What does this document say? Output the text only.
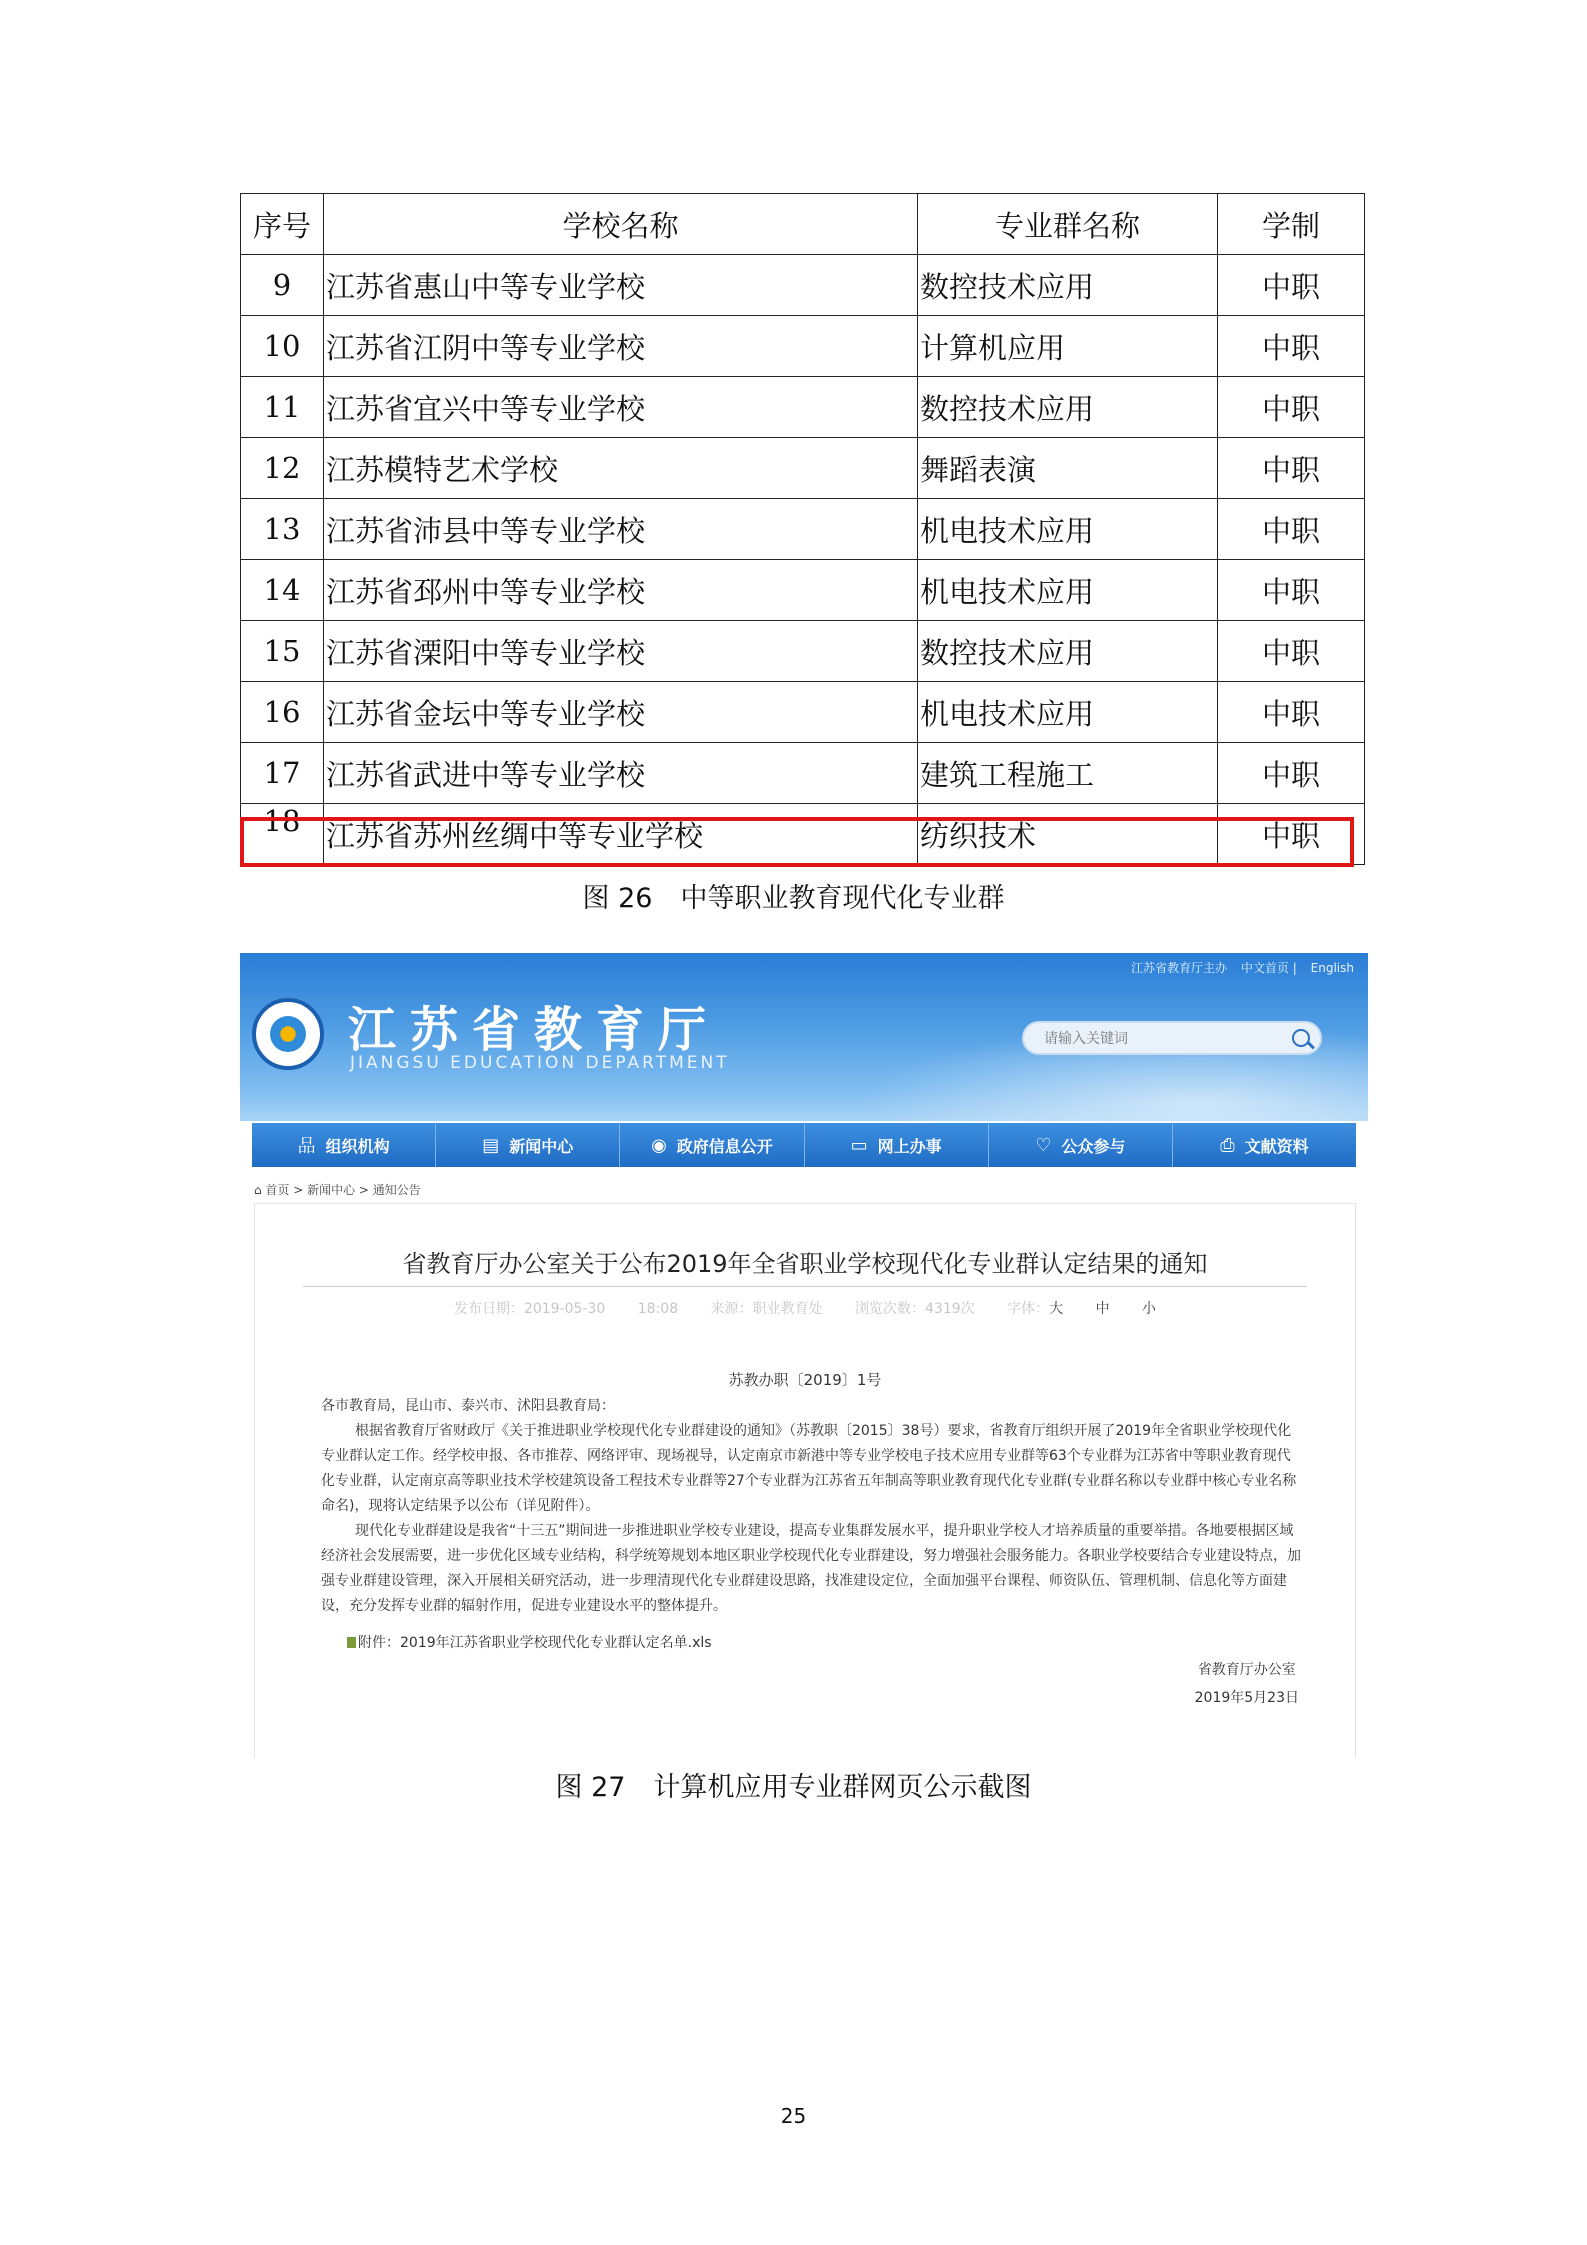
序号	学校名称	专业群名称	学制
9	江苏省惠山中等专业学校	数控技术应用	中职
10	江苏省江阴中等专业学校	计算机应用	中职
11	江苏省宜兴中等专业学校	数控技术应用	中职
12	江苏模特艺术学校	舞蹈表演	中职
13	江苏省沛县中等专业学校	机电技术应用	中职
14	江苏省邳州中等专业学校	机电技术应用	中职
15	江苏省溧阳中等专业学校	数控技术应用	中职
16	江苏省金坛中等专业学校	机电技术应用	中职
17	江苏省武进中等专业学校	建筑工程施工	中职
18	江苏省苏州丝绸中等专业学校	纺织技术	中职
图 26 中等职业教育现代化专业群
江苏省教育厅主办 中文首页 | English
江苏省教育厅
JIANGSU EDUCATION DEPARTMENT
请输入关键词
品 组织机构	▤ 新闻中心	◉ 政府信息公开	▭ 网上办事	♡ 公众参与	⎙ 文献资料
⌂ 首页 > 新闻中心 > 通知公告
省教育厅办公室关于公布2019年全省职业学校现代化专业群认定结果的通知
发布日期：2019-05-30 18:08 来源：职业教育处 浏览次数：4319次 字体：大 中 小
苏教办职〔2019〕1号

各市教育局，昆山市、泰兴市、沭阳县教育局：

根据省教育厅省财政厅《关于推进职业学校现代化专业群建设的通知》（苏教职〔2015〕38号）要求，省教育厅组织开展了2019年全省职业学校现代化专业群认定工作。经学校申报、各市推荐、网络评审、现场视导，认定南京市新港中等专业学校电子技术应用专业群等63个专业群为江苏省中等职业教育现代化专业群，认定南京高等职业技术学校建筑设备工程技术专业群等27个专业群为江苏省五年制高等职业教育现代化专业群(专业群名称以专业群中核心专业名称命名)，现将认定结果予以公布（详见附件）。

现代化专业群建设是我省“十三五”期间进一步推进职业学校专业建设，提高专业集群发展水平，提升职业学校人才培养质量的重要举措。各地要根据区域经济社会发展需要，进一步优化区域专业结构，科学统筹规划本地区职业学校现代化专业群建设，努力增强社会服务能力。各职业学校要结合专业建设特点，加强专业群建设管理，深入开展相关研究活动，进一步理清现代化专业群建设思路，找准建设定位，全面加强平台课程、师资队伍、管理机制、信息化等方面建设，充分发挥专业群的辐射作用，促进专业建设水平的整体提升。

附件：2019年江苏省职业学校现代化专业群认定名单.xls
省教育厅办公室
2019年5月23日
图 27 计算机应用专业群网页公示截图
25
